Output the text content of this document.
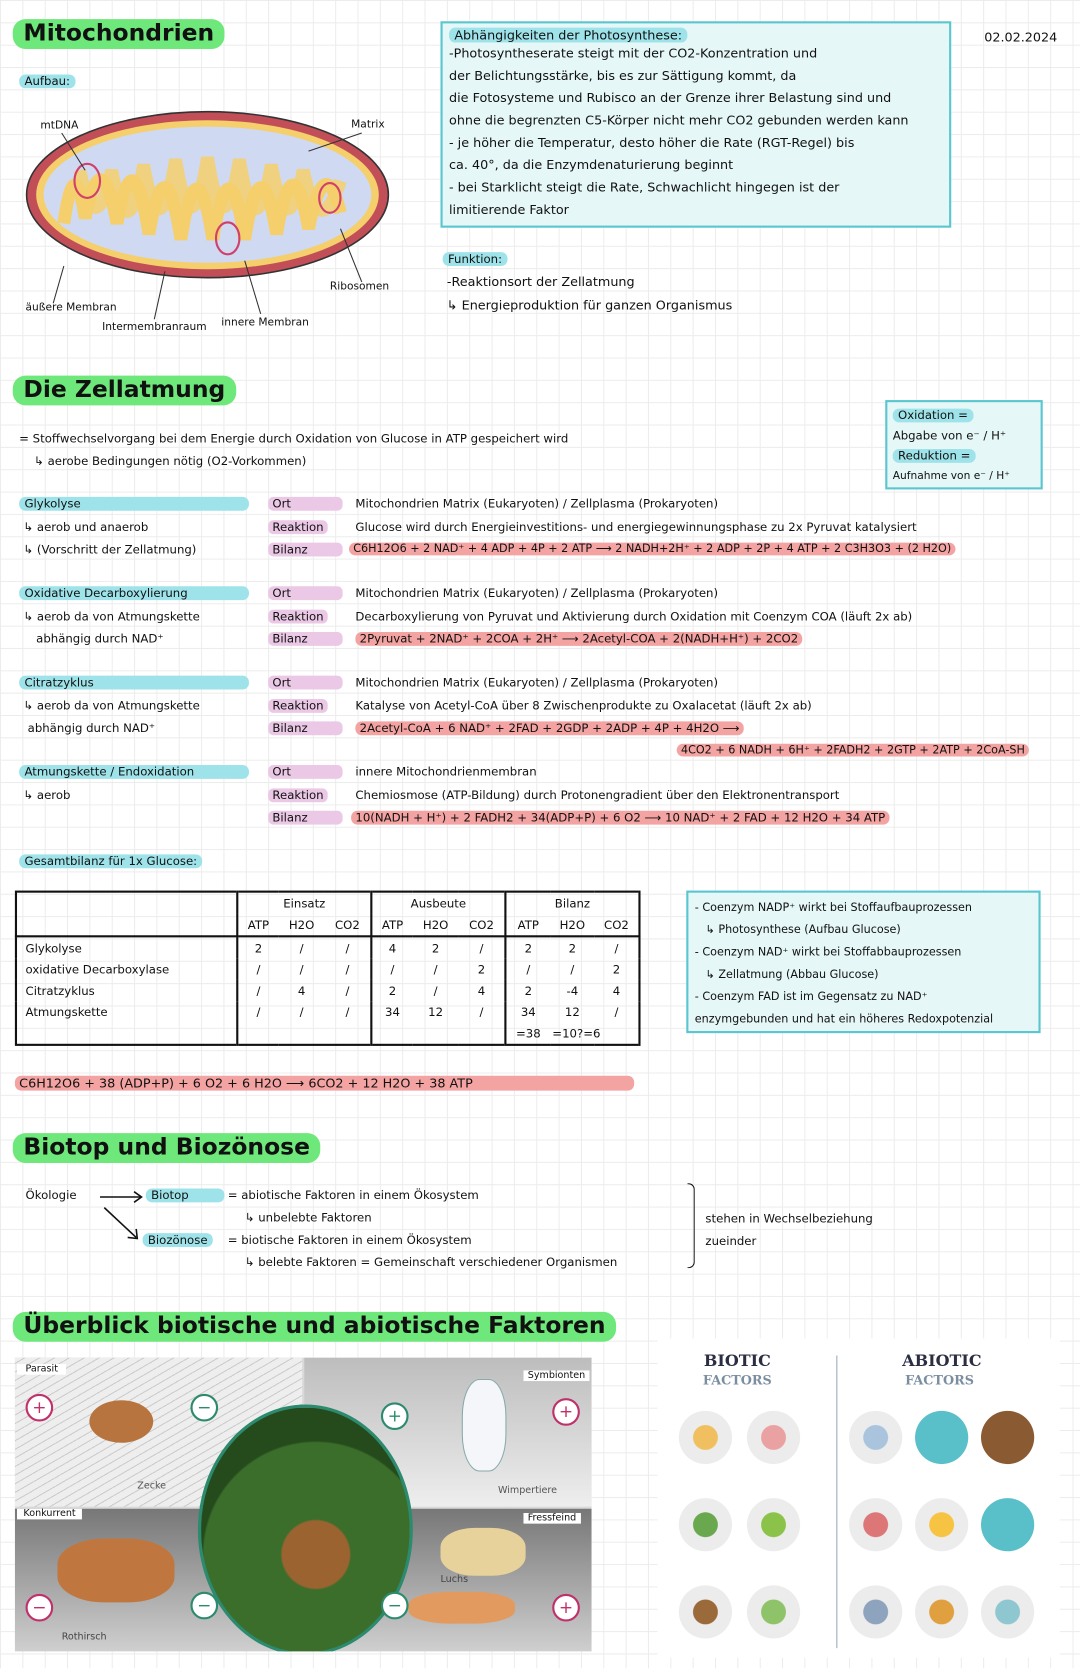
Mitochondrien
Aufbau:
02.02.2024
mtDNA	Matrix
Ribosomen
äußere Membran
Intermembranraum innere Membran
Abhängigkeiten der Photosynthese:
-Photosyntheserate steigt mit der CO2-Konzentration und
der Belichtungsstärke, bis es zur Sättigung kommt, da
die Fotosysteme und Rubisco an der Grenze ihrer Belastung sind und
ohne die begrenzten C5-Körper nicht mehr CO2 gebunden werden kann
- je höher die Temperatur, desto höher die Rate (RGT-Regel) bis
ca. 40°, da die Enzymdenaturierung beginnt
- bei Starklicht steigt die Rate, Schwachlicht hingegen ist der
limitierende Faktor
Funktion:
-Reaktionsort der Zellatmung
↳ Energieproduktion für ganzen Organismus
Die Zellatmung
= Stoffwechselvorgang bei dem Energie durch Oxidation von Glucose in ATP gespeichert wird
↳ aerobe Bedingungen nötig (O2-Vorkommen)
Oxidation =
Abgabe von e⁻ / H⁺
Reduktion =
Aufnahme von e⁻ / H⁺
Glykolyse
↳ aerob und anaerob
↳ (Vorschritt der Zellatmung)
Ort	Mitochondrien Matrix (Eukaryoten) / Zellplasma (Prokaryoten)
Reaktion	Glucose wird durch Energieinvestitions- und energiegewinnungsphase zu 2x Pyruvat katalysiert
Bilanz	C6H12O6 + 2 NAD⁺ + 4 ADP + 4P + 2 ATP ⟶ 2 NADH+2H⁺ + 2 ADP + 2P + 4 ATP + 2 C3H3O3 + (2 H2O)
Oxidative Decarboxylierung
↳ aerob da von Atmungskette
abhängig durch NAD⁺
Ort	Mitochondrien Matrix (Eukaryoten) / Zellplasma (Prokaryoten)
Reaktion	Decarboxylierung von Pyruvat und Aktivierung durch Oxidation mit Coenzym COA (läuft 2x ab)
Bilanz	2Pyruvat + 2NAD⁺ + 2COA + 2H⁺ ⟶ 2Acetyl-COA + 2(NADH+H⁺) + 2CO2
Citratzyklus
↳ aerob da von Atmungskette
abhängig durch NAD⁺
Ort	Mitochondrien Matrix (Eukaryoten) / Zellplasma (Prokaryoten)
Reaktion	Katalyse von Acetyl-CoA über 8 Zwischenprodukte zu Oxalacetat (läuft 2x ab)
Bilanz	2Acetyl-CoA + 6 NAD⁺ + 2FAD + 2GDP + 2ADP + 4P + 4H2O ⟶
4CO2 + 6 NADH + 6H⁺ + 2FADH2 + 2GTP + 2ATP + 2CoA-SH
Atmungskette / Endoxidation
↳ aerob
Ort	innere Mitochondrienmembran
Reaktion	Chemiosmose (ATP-Bildung) durch Protonengradient über den Elektronentransport
Bilanz	10(NADH + H⁺) + 2 FADH2 + 34(ADP+P) + 6 O2 ⟶ 10 NAD⁺ + 2 FAD + 12 H2O + 34 ATP
Gesamtbilanz für 1x Glucose:
	Einsatz			Ausbeute			Bilanz		
	ATP	H2O	CO2	ATP	H2O	CO2	ATP	H2O	CO2
Glykolyse	2	/	/	4	2	/	2	2	/
oxidative Decarboxylase	/	/	/	/	/	2	/	/	2
Citratzyklus	/	4	/	2	/	4	2	-4	4
Atmungskette	/	/	/	34	12	/	34	12	/
							=38	=10?=6	
- Coenzym NADP⁺ wirkt bei Stoffaufbauprozessen
↳ Photosynthese (Aufbau Glucose)
- Coenzym NAD⁺ wirkt bei Stoffabbauprozessen
↳ Zellatmung (Abbau Glucose)
- Coenzym FAD ist im Gegensatz zu NAD⁺
enzymgebunden und hat ein höheres Redoxpotenzial
C6H12O6 + 38 (ADP+P) + 6 O2 + 6 H2O ⟶ 6CO2 + 12 H2O + 38 ATP
Biotop und Biozönose
Ökologie	Biotop	= abiotische Faktoren in einem Ökosystem
↳ unbelebte Faktoren
Biozönose	= biotische Faktoren in einem Ökosystem
↳ belebte Faktoren = Gemeinschaft verschiedener Organismen
stehen in Wechselbeziehung
zueinder
Überblick biotische und abiotische Faktoren
Parasit
Zecke
Symbionten
Wimpertiere
Konkurrent
Rothirsch
Fressfeind
Luchs
+	−	+	+
−	−	−	+
BIOTIC
FACTORS
ABIOTIC
FACTORS
